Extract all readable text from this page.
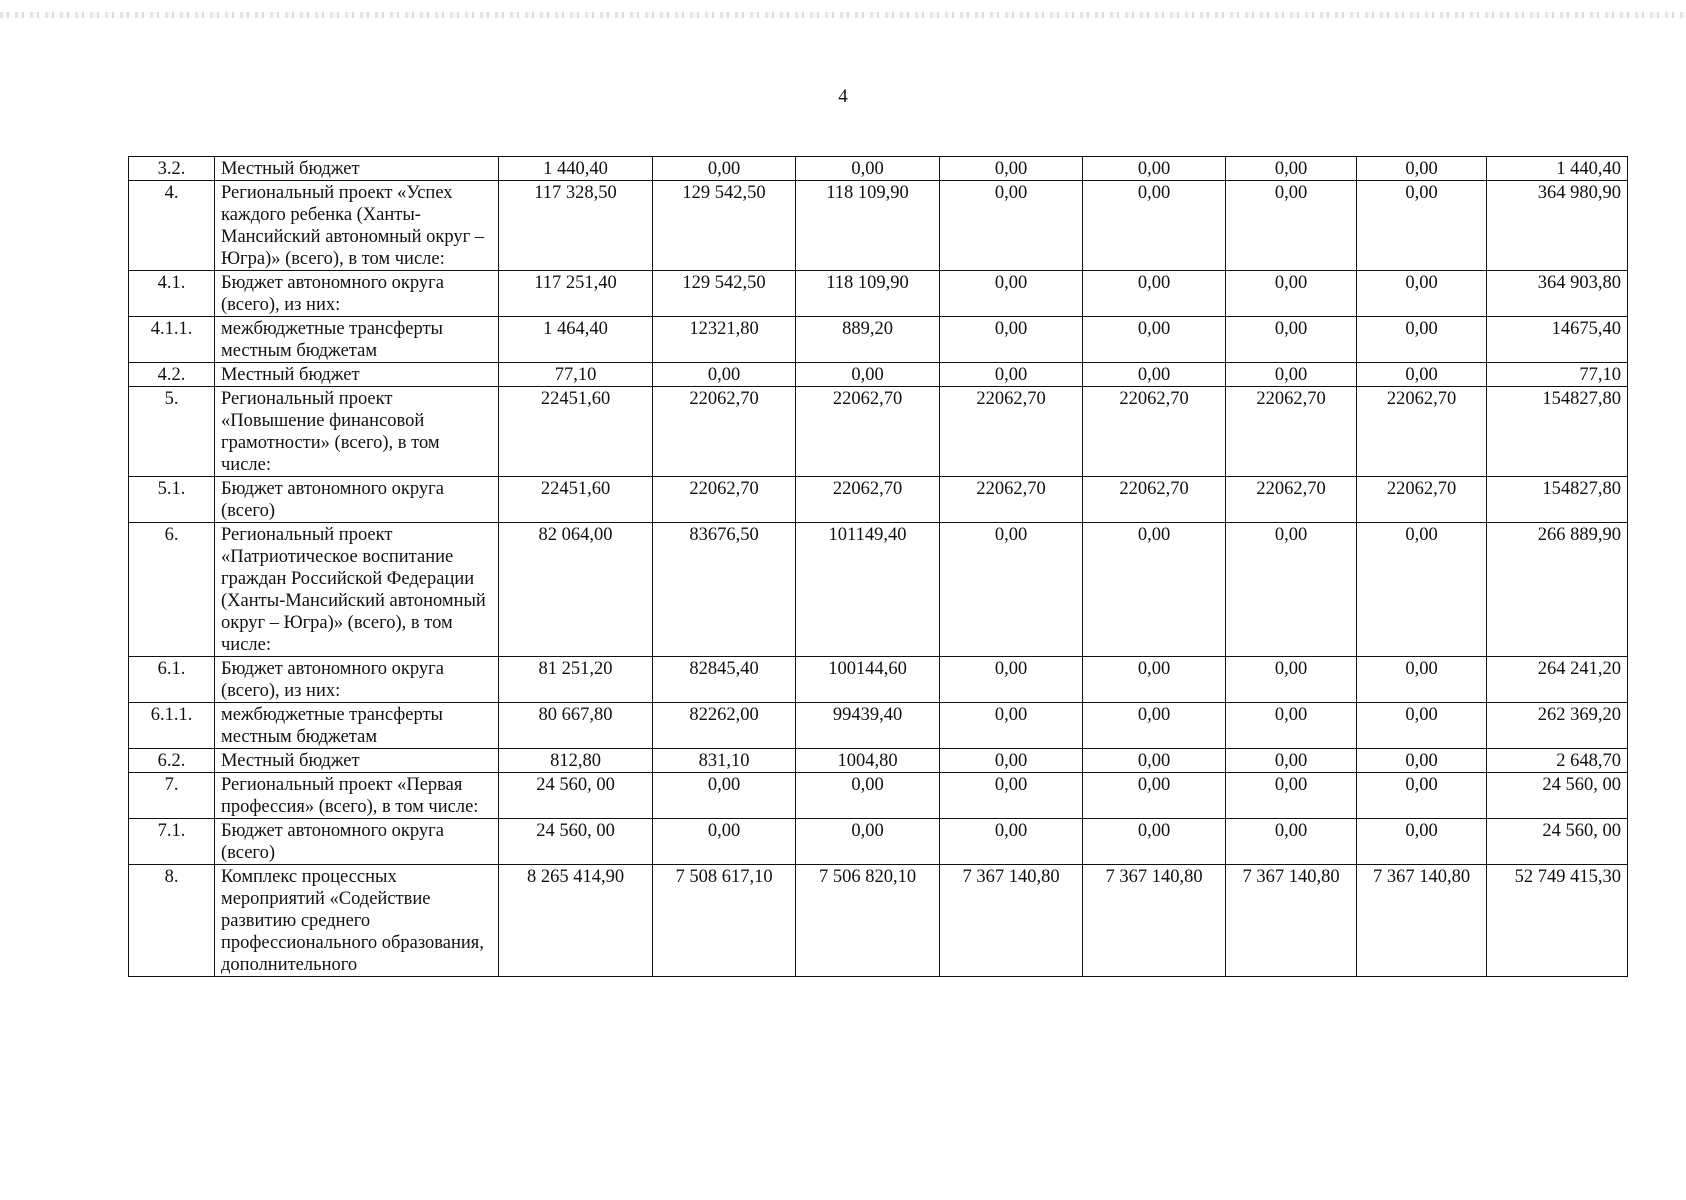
4
3.2.	Местный бюджет	1 440,40	0,00	0,00	0,00	0,00	0,00	0,00	1 440,40
4.	Региональный проект «Успех каждого ребенка (Ханты-Мансийский автономный округ – Югра)» (всего), в том числе:	117 328,50	129 542,50	118 109,90	0,00	0,00	0,00	0,00	364 980,90
4.1.	Бюджет автономного округа (всего), из них:	117 251,40	129 542,50	118 109,90	0,00	0,00	0,00	0,00	364 903,80
4.1.1.	межбюджетные трансферты местным бюджетам	1 464,40	12321,80	889,20	0,00	0,00	0,00	0,00	14675,40
4.2.	Местный бюджет	77,10	0,00	0,00	0,00	0,00	0,00	0,00	77,10
5.	Региональный проект «Повышение финансовой грамотности» (всего), в том числе:	22451,60	22062,70	22062,70	22062,70	22062,70	22062,70	22062,70	154827,80
5.1.	Бюджет автономного округа (всего)	22451,60	22062,70	22062,70	22062,70	22062,70	22062,70	22062,70	154827,80
6.	Региональный проект «Патриотическое воспитание граждан Российской Федерации (Ханты-Мансийский автономный округ – Югра)» (всего), в том числе:	82 064,00	83676,50	101149,40	0,00	0,00	0,00	0,00	266 889,90
6.1.	Бюджет автономного округа (всего), из них:	81 251,20	82845,40	100144,60	0,00	0,00	0,00	0,00	264 241,20
6.1.1.	межбюджетные трансферты местным бюджетам	80 667,80	82262,00	99439,40	0,00	0,00	0,00	0,00	262 369,20
6.2.	Местный бюджет	812,80	831,10	1004,80	0,00	0,00	0,00	0,00	2 648,70
7.	Региональный проект «Первая профессия» (всего), в том числе:	24 560, 00	0,00	0,00	0,00	0,00	0,00	0,00	24 560, 00
7.1.	Бюджет автономного округа (всего)	24 560, 00	0,00	0,00	0,00	0,00	0,00	0,00	24 560, 00
8.	Комплекс процессных мероприятий «Содействие развитию среднего профессионального образования, дополнительного	8 265 414,90	7 508 617,10	7 506 820,10	7 367 140,80	7 367 140,80	7 367 140,80	7 367 140,80	52 749 415,30
